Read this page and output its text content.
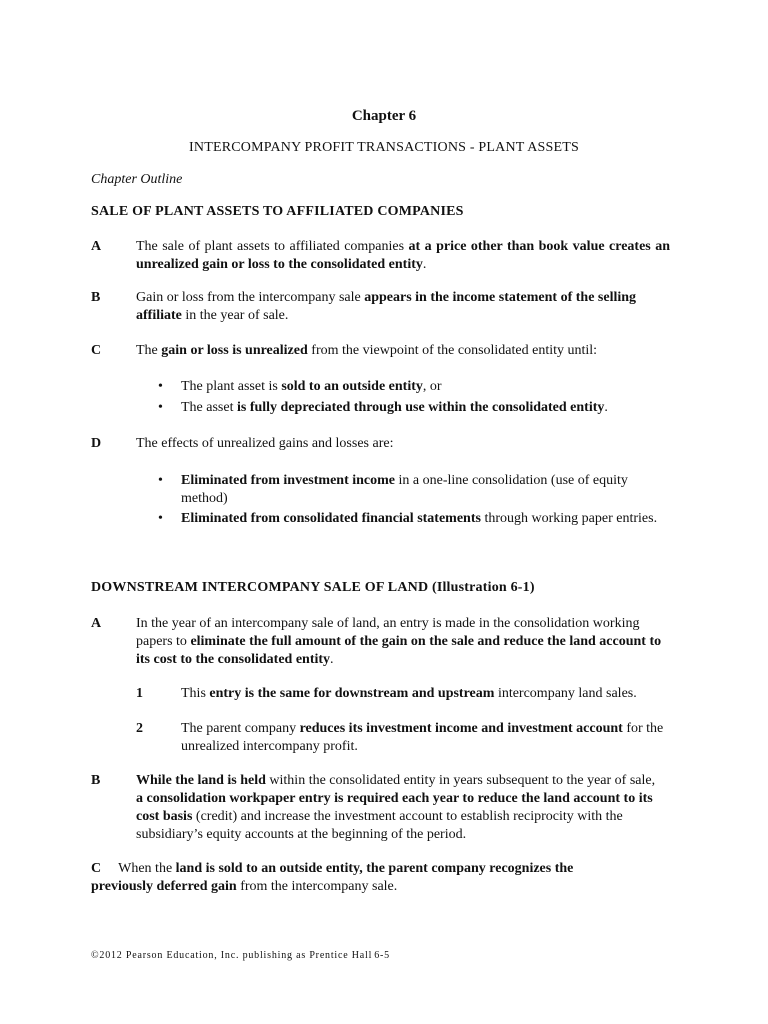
Chapter 6
INTERCOMPANY PROFIT TRANSACTIONS - PLANT ASSETS
Chapter Outline
SALE OF PLANT ASSETS TO AFFILIATED COMPANIES
A The sale of plant assets to affiliated companies at a price other than book value creates an unrealized gain or loss to the consolidated entity.
B	Gain or loss from the intercompany sale appears in the income statement of the selling affiliate in the year of sale.
C The gain or loss is unrealized from the viewpoint of the consolidated entity until:
• The plant asset is sold to an outside entity, or
• The asset is fully depreciated through use within the consolidated entity.
D The effects of unrealized gains and losses are:
• Eliminated from investment income in a one-line consolidation (use of equity method)
• Eliminated from consolidated financial statements through working paper entries.
DOWNSTREAM INTERCOMPANY SALE OF LAND (Illustration 6-1)
A In the year of an intercompany sale of land, an entry is made in the consolidation working papers to eliminate the full amount of the gain on the sale and reduce the land account to its cost to the consolidated entity.
1	This entry is the same for downstream and upstream intercompany land sales.
2	The parent company reduces its investment income and investment account for the unrealized intercompany profit.
B	While the land is held within the consolidated entity in years subsequent to the year of sale, a consolidation workpaper entry is required each year to reduce the land account to its cost basis (credit) and increase the investment account to establish reciprocity with the subsidiary’s equity accounts at the beginning of the period.
C When the land is sold to an outside entity, the parent company recognizes the previously deferred gain from the intercompany sale.
©2012 Pearson Education, Inc. publishing as Prentice Hall 6-5
